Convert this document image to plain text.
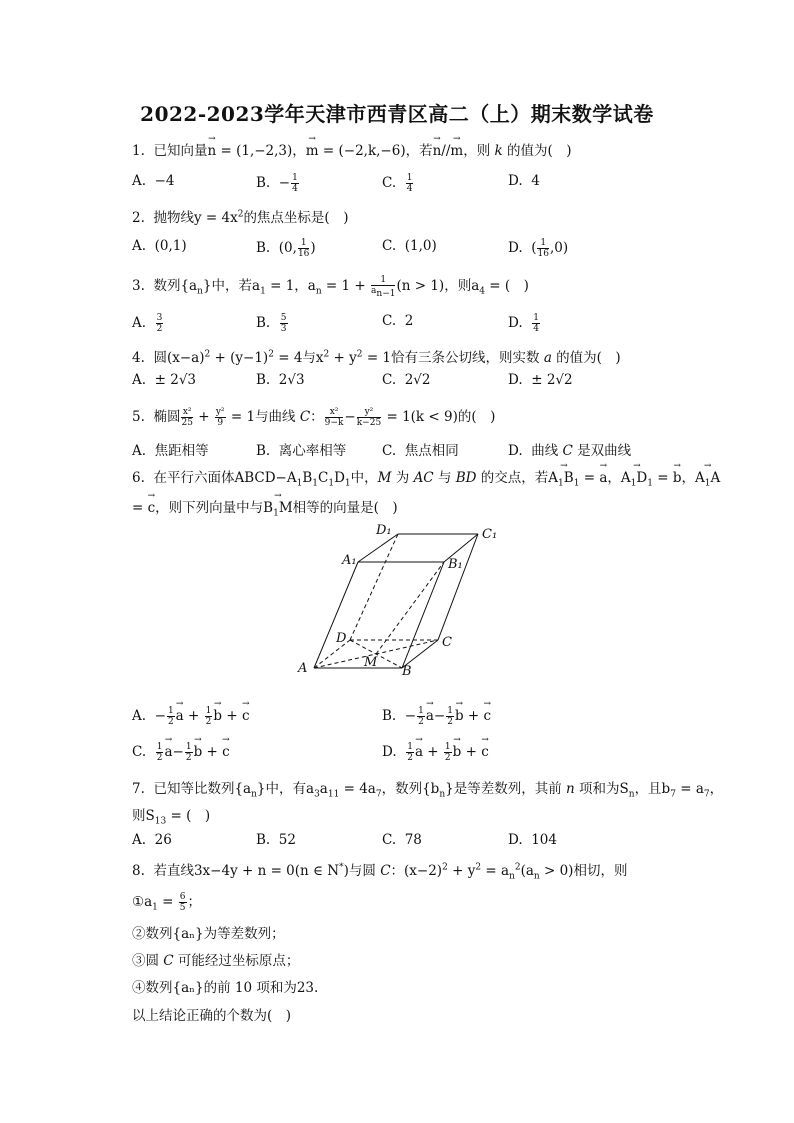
2022-2023学年天津市西青区高二（上）期末数学试卷
1.  已知向量→ n = (1,−2,3)，→ m = (−2,k,−6)，若→ n//→ m，则 k 的值为(　)
A.  −4	B.  − $\frac{1}{4}$	C. $\frac{1}{4}$	D.  4
2.  抛物线$y = 4x^2$的焦点坐标是(　)
A.  (0,1)	B.  (0, $\frac{1}{16}$ )	C.  (1,0)	D.  ( $\frac{1}{16} ,0$)
3.  数列$\{a_n\}$中，若$a_1 = 1$，$a_n = 1 + \frac{1}{a_{n-1}} (n > 1)$，则$a_4$ = (　)
A. $\frac{3}{2}$	B. $\frac{5}{3}$	C.  2	D. $\frac{1}{4}$
4.  圆$(x-a)^2 + (y-1)^2 = 4$与$x^2 + y^2 = 1$恰有三条公切线，则实数 a 的值为(　)
A.  ± 2√3	B.  2√3	C.  2√2	D.  ± 2√2
5.  椭圆 $\frac{\text{x²}}{25} + \frac{\text{y²}}{9} = 1$与曲线 C： $\frac{\text{x²}}{9-k} - \frac{\text{y²}}{k-25} = 1(k < 9)$的(　)
A.  焦距相等	B.  离心率相等	C.  焦点相同	D.  曲线 C 是双曲线
6.  在平行六面体$ABCD-A_1B_1C_1D_1$中，M 为 AC 与 BD 的交点，若→ $A_1B_1$ = → a，→ $A_1D_1$ = → b，→ $A_1A$
= → c，则下列向量中与→ $B_1M$相等的向量是(　)
D₁	C₁
A₁	B₁
D	C
M
A	B
A.  − $\frac{1}{2}$
→ $a + \frac{1}{2}$
→ b + → c	B.  − $\frac{1}{2}$
→ $a- \frac{1}{2}$
→ b + → c
C. $\frac{1}{2}$
→ $a- \frac{1}{2}$
→ b + → c	D. $\frac{1}{2}$
→ $a + \frac{1}{2}$
→ b + → c
7.  已知等比数列$\{a_n\}$中，有$a_3a_{11} = 4a_7$，数列$\{b_n\}$是等差数列，其前 n 项和为$S_n$，且$b_7 = a_7$，
则$S_{13}$ = (　)
A.  26	B.  52	C.  78	D.  104
8.  若直线3x−4y + n = 0(n ∈ N*)与圆 C：$(x-2)^2 + y^2 = a_n^2(a_n > 0)$相切，则
$①a_1 = \frac{6}{5}$ ；
②数列{aₙ}为等差数列；
③圆 C 可能经过坐标原点；
④数列{aₙ}的前 10 项和为23.
以上结论正确的个数为(　)
